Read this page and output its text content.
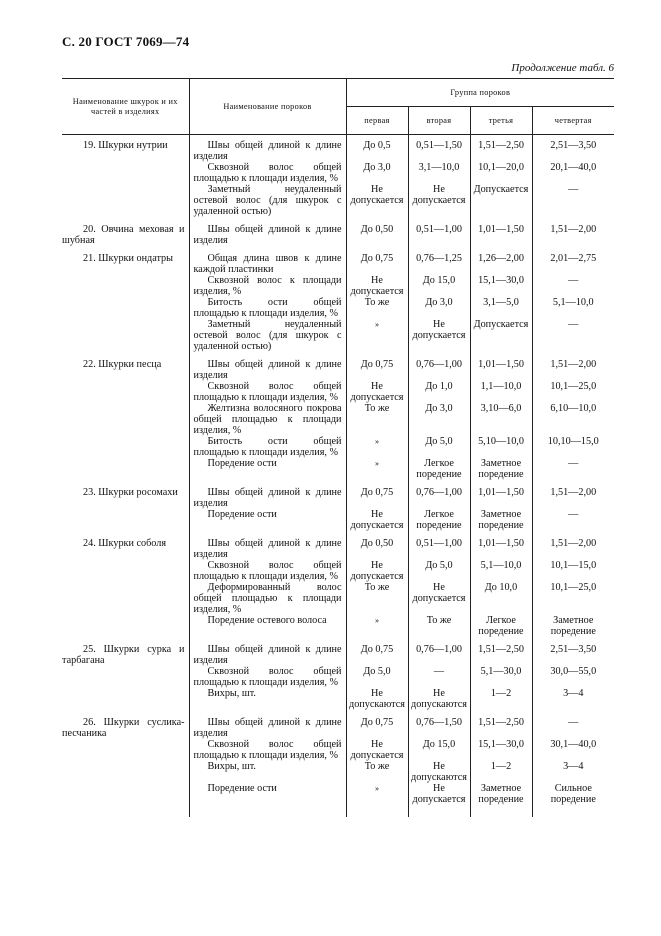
С. 20 ГОСТ 7069—74
Продолжение табл. 6
Наименование шкурок и их частей в изделиях	Наименование пороков	Группа пороков			
		первая	вторая	третья	четвертая

19. Шкурки нутрии	Швы общей длиной к длине изделия	До 0,5	0,51—1,50	1,51—2,50	2,51—3,50

	Сквозной волос общей площадью к площади изделия, %	До 3,0	3,1—10,0	10,1—20,0	20,1—40,0

	Заметный неудаленный остевой волос (для шкурок с удаленной остью)	Не допускается	Не допускается	Допускается	—

20. Овчина меховая и шубная	Швы общей длиной к длине изделия	До 0,50	0,51—1,00	1,01—1,50	1,51—2,00

21. Шкурки ондатры	Общая длина швов к длине каждой пластинки	До 0,75	0,76—1,25	1,26—2,00	2,01—2,75

	Сквозной волос к площади изделия, %	Не допускается	До 15,0	15,1—30,0	—

	Битость ости общей площадью к площади изделия, %	То же	До 3,0	3,1—5,0	5,1—10,0

	Заметный неудаленный остевой волос (для шкурок с удаленной остью)	»	Не допускается	Допускается	—

22. Шкурки песца	Швы общей длиной к длине изделия	До 0,75	0,76—1,00	1,01—1,50	1,51—2,00

	Сквозной волос общей площадью к площади изделия, %	Не допускается	До 1,0	1,1—10,0	10,1—25,0

	Желтизна волосяного покрова общей площадью к площади изделия, %	То же	До 3,0	3,10—6,0	6,10—10,0

	Битость ости общей площадью к площади изделия, %	»	До 5,0	5,10—10,0	10,10—15,0

	Поредение ости	»	Легкое поредение	Заметное поредение	—

23. Шкурки росомахи	Швы общей длиной к длине изделия	До 0,75	0,76—1,00	1,01—1,50	1,51—2,00

	Поредение ости	Не допускается	Легкое поредение	Заметное поредение	—

24. Шкурки соболя	Швы общей длиной к длине изделия	До 0,50	0,51—1,00	1,01—1,50	1,51—2,00

	Сквозной волос общей площадью к площади изделия, %	Не допускается	До 5,0	5,1—10,0	10,1—15,0

	Деформированный волос общей площадью к площади изделия, %	То же	Не допускается	До 10,0	10,1—25,0

	Поредение остевого волоса	»	То же	Легкое поредение	Заметное поредение

25. Шкурки сурка и тарбагана	Швы общей длиной к длине изделия	До 0,75	0,76—1,00	1,51—2,50	2,51—3,50

	Сквозной волос общей площадью к площади изделия, %	До 5,0	—	5,1—30,0	30,0—55,0

	Вихры, шт.	Не допускаются	Не допускаются	1—2	3—4

26. Шкурки суслика-песчаника	Швы общей длиной к длине изделия	До 0,75	0,76—1,50	1,51—2,50	—

	Сквозной волос общей площадью к площади изделия, %	Не допускается	До 15,0	15,1—30,0	30,1—40,0

	Вихры, шт.	То же	Не допускаются	1—2	3—4

	Поредение ости	»	Не допускается	Заметное поредение	Сильное поредение
